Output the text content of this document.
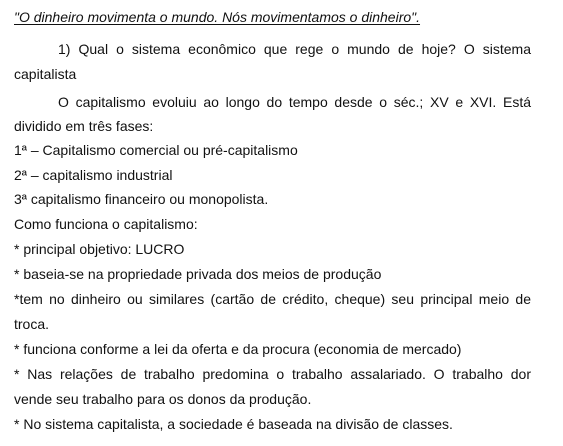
"O dinheiro movimenta o mundo. Nós movimentamos o dinheiro".
1) Qual o sistema econômico que rege o mundo de hoje? O sistema
capitalista
O capitalismo evoluiu ao longo do tempo desde o séc.; XV e XVI. Está
dividido em três fases:
1ª – Capitalismo comercial ou pré-capitalismo
2ª – capitalismo industrial
3ª capitalismo financeiro ou monopolista.
Como funciona o capitalismo:
* principal objetivo: LUCRO
* baseia-se na propriedade privada dos meios de produção
*tem no dinheiro ou similares (cartão de crédito, cheque) seu principal meio de
troca.
* funciona conforme a lei da oferta e da procura (economia de mercado)
* Nas relações de trabalho predomina o trabalho assalariado. O trabalho dor
vende seu trabalho para os donos da produção.
* No sistema capitalista, a sociedade é baseada na divisão de classes.
